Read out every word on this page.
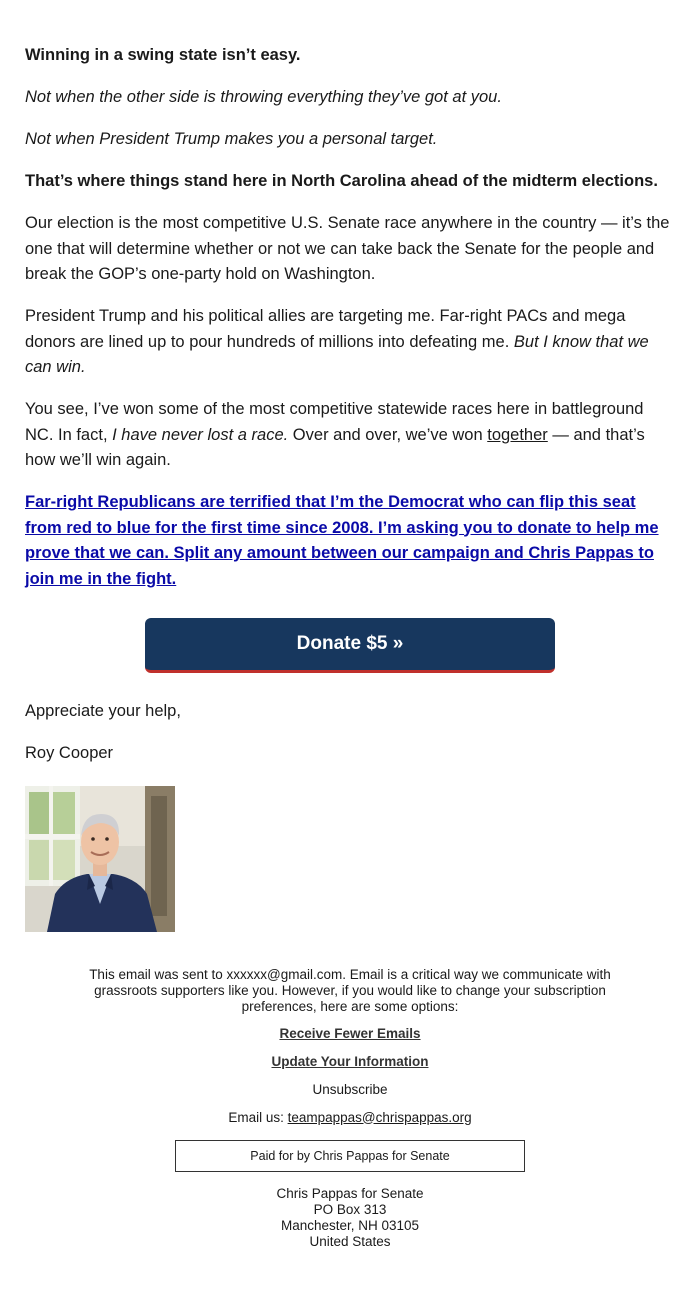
Winning in a swing state isn’t easy.

Not when the other side is throwing everything they’ve got at you.

Not when President Trump makes you a personal target.

That’s where things stand here in North Carolina ahead of the midterm elections.

Our election is the most competitive U.S. Senate race anywhere in the country — it’s the one that will determine whether or not we can take back the Senate for the people and break the GOP’s one-party hold on Washington.

President Trump and his political allies are targeting me. Far-right PACs and mega donors are lined up to pour hundreds of millions into defeating me. But I know that we can win.

You see, I’ve won some of the most competitive statewide races here in battleground NC. In fact, I have never lost a race. Over and over, we’ve won together — and that’s how we’ll win again.

Far-right Republicans are terrified that I’m the Democrat who can flip this seat from red to blue for the first time since 2008. I’m asking you to donate to help me prove that we can. Split any amount between our campaign and Chris Pappas to join me in the fight.

Donate $5 »

Appreciate your help,

Roy Cooper

This email was sent to xxxxxx@gmail.com. Email is a critical way we communicate with grassroots supporters like you. However, if you would like to change your subscription preferences, here are some options:
Receive Fewer Emails
Update Your Information
Unsubscribe
Email us: teampappas@chrispappas.org
Paid for by Chris Pappas for Senate
Chris Pappas for Senate
PO Box 313
Manchester, NH 03105
United States
